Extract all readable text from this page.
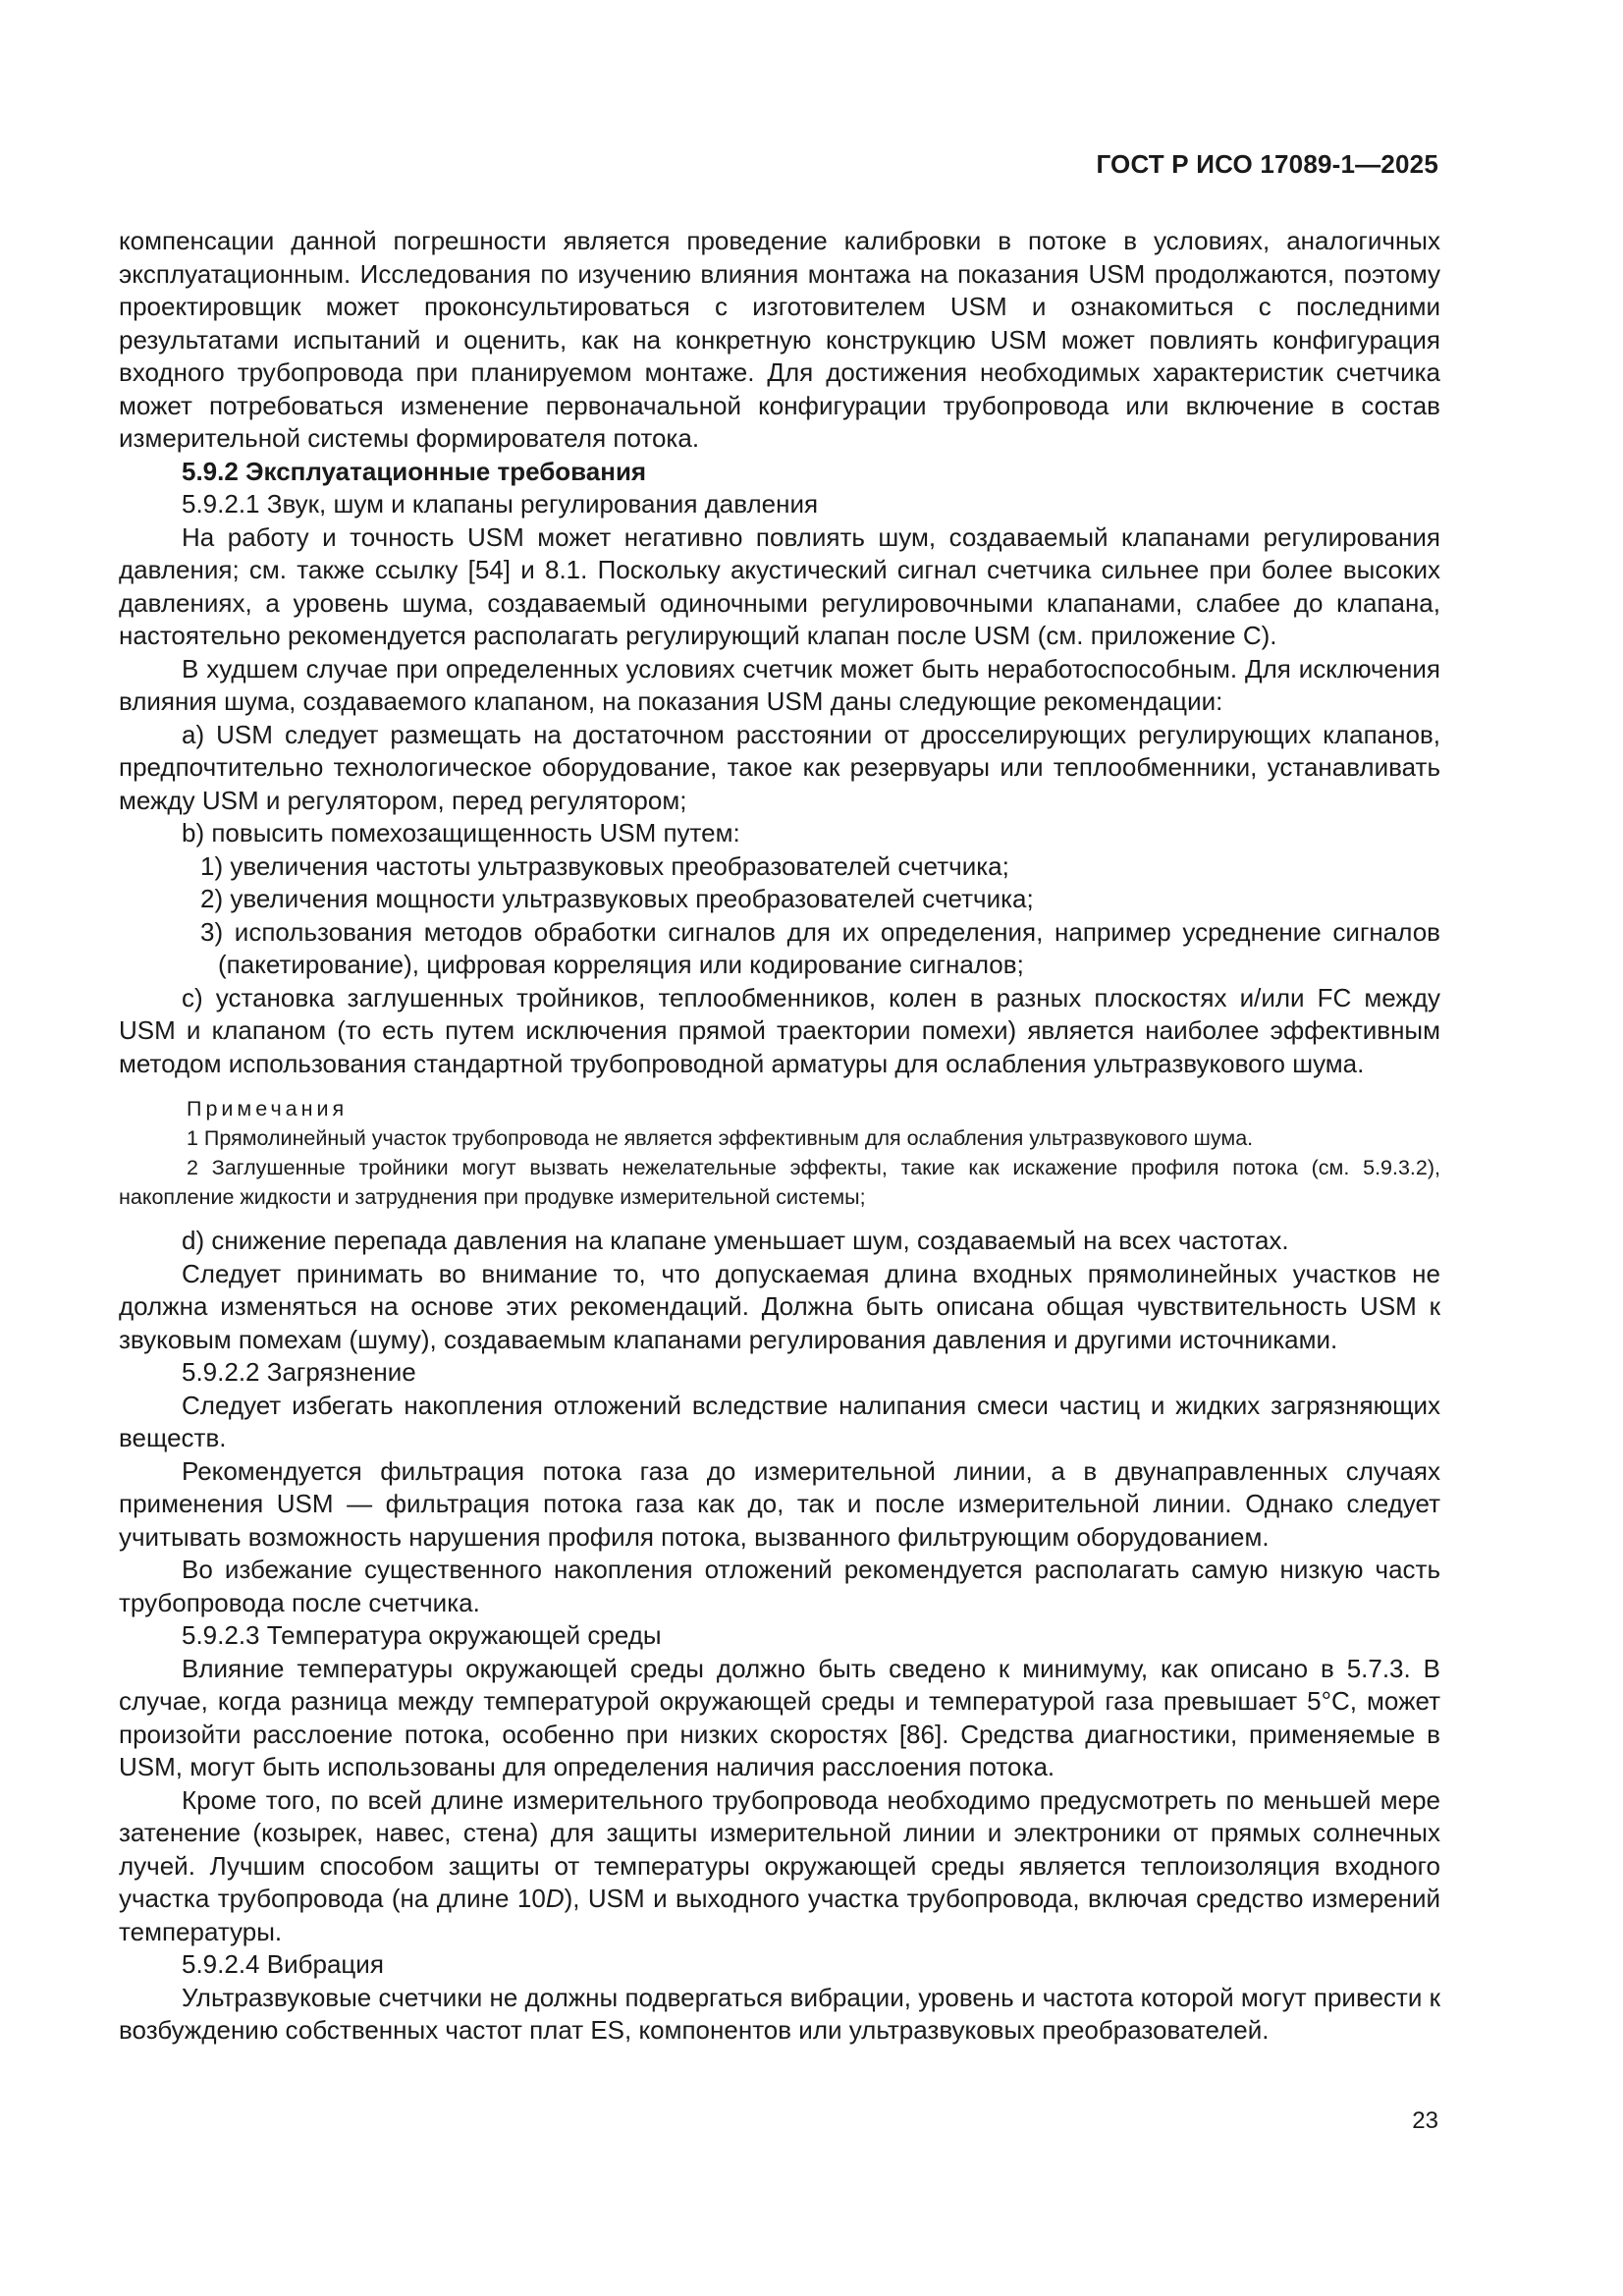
ГОСТ Р ИСО 17089-1—2025

компенсации данной погрешности является проведение калибровки в потоке в условиях, аналогичных эксплуатационным. Исследования по изучению влияния монтажа на показания USM продолжаются, поэтому проектировщик может проконсультироваться с изготовителем USM и ознакомиться с последними результатами испытаний и оценить, как на конкретную конструкцию USM может повлиять конфигурация входного трубопровода при планируемом монтаже. Для достижения необходимых характеристик счетчика может потребоваться изменение первоначальной конфигурации трубопровода или включение в состав измерительной системы формирователя потока.

5.9.2 Эксплуатационные требования

5.9.2.1 Звук, шум и клапаны регулирования давления

На работу и точность USM может негативно повлиять шум, создаваемый клапанами регулирования давления; см. также ссылку [54] и 8.1. Поскольку акустический сигнал счетчика сильнее при более высоких давлениях, а уровень шума, создаваемый одиночными регулировочными клапанами, слабее до клапана, настоятельно рекомендуется располагать регулирующий клапан после USM (см. приложение С).

В худшем случае при определенных условиях счетчик может быть неработоспособным. Для исключения влияния шума, создаваемого клапаном, на показания USM даны следующие рекомендации:

a) USM следует размещать на достаточном расстоянии от дросселирующих регулирующих клапанов, предпочтительно технологическое оборудование, такое как резервуары или теплообменники, устанавливать между USM и регулятором, перед регулятором;

b) повысить помехозащищенность USM путем:

1) увеличения частоты ультразвуковых преобразователей счетчика;

2) увеличения мощности ультразвуковых преобразователей счетчика;

3) использования методов обработки сигналов для их определения, например усреднение сигналов (пакетирование), цифровая корреляция или кодирование сигналов;

c) установка заглушенных тройников, теплообменников, колен в разных плоскостях и/или FC между USM и клапаном (то есть путем исключения прямой траектории помехи) является наиболее эффективным методом использования стандартной трубопроводной арматуры для ослабления ультразвукового шума.

Примечания

1 Прямолинейный участок трубопровода не является эффективным для ослабления ультразвукового шума.

2 Заглушенные тройники могут вызвать нежелательные эффекты, такие как искажение профиля потока (см. 5.9.3.2), накопление жидкости и затруднения при продувке измерительной системы;

d) снижение перепада давления на клапане уменьшает шум, создаваемый на всех частотах.

Следует принимать во внимание то, что допускаемая длина входных прямолинейных участков не должна изменяться на основе этих рекомендаций. Должна быть описана общая чувствительность USM к звуковым помехам (шуму), создаваемым клапанами регулирования давления и другими источниками.

5.9.2.2 Загрязнение

Следует избегать накопления отложений вследствие налипания смеси частиц и жидких загрязняющих веществ.

Рекомендуется фильтрация потока газа до измерительной линии, а в двунаправленных случаях применения USM — фильтрация потока газа как до, так и после измерительной линии. Однако следует учитывать возможность нарушения профиля потока, вызванного фильтрующим оборудованием.

Во избежание существенного накопления отложений рекомендуется располагать самую низкую часть трубопровода после счетчика.

5.9.2.3 Температура окружающей среды

Влияние температуры окружающей среды должно быть сведено к минимуму, как описано в 5.7.3. В случае, когда разница между температурой окружающей среды и температурой газа превышает 5°С, может произойти расслоение потока, особенно при низких скоростях [86]. Средства диагностики, применяемые в USM, могут быть использованы для определения наличия расслоения потока.

Кроме того, по всей длине измерительного трубопровода необходимо предусмотреть по меньшей мере затенение (козырек, навес, стена) для защиты измерительной линии и электроники от прямых солнечных лучей. Лучшим способом защиты от температуры окружающей среды является теплоизоляция входного участка трубопровода (на длине 10D), USM и выходного участка трубопровода, включая средство измерений температуры.

5.9.2.4 Вибрация

Ультразвуковые счетчики не должны подвергаться вибрации, уровень и частота которой могут привести к возбуждению собственных частот плат ES, компонентов или ультразвуковых преобразователей.

23
